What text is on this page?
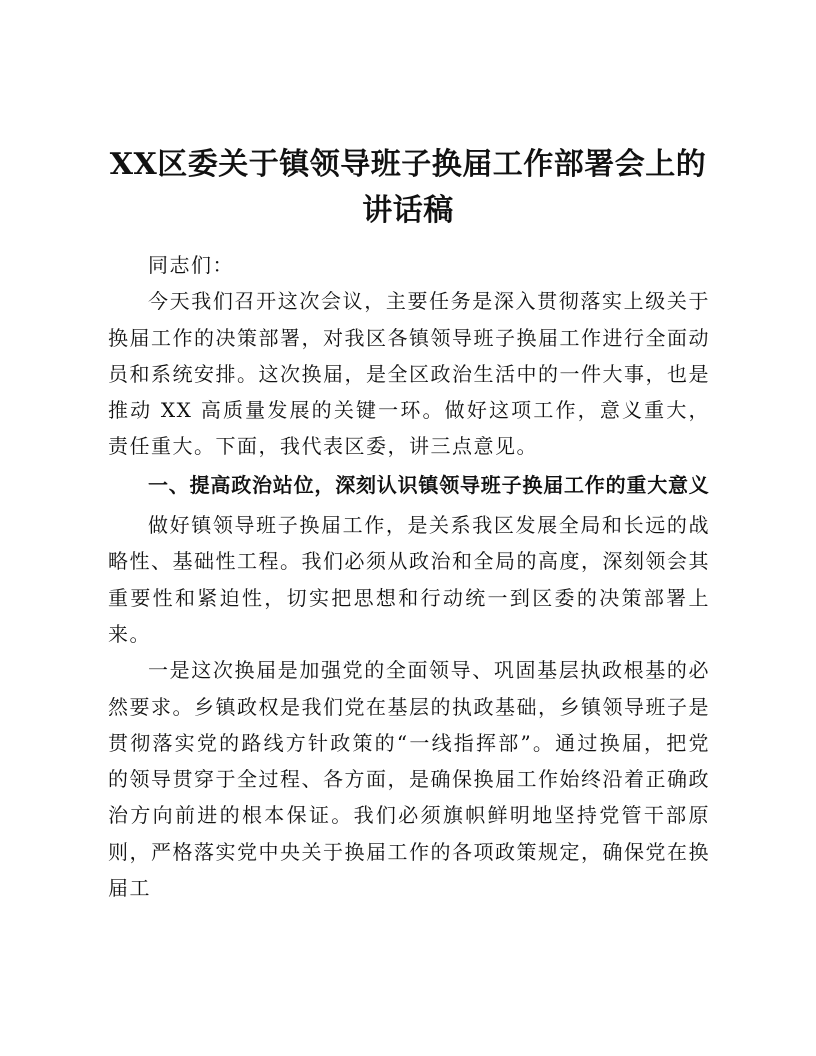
XX区委关于镇领导班子换届工作部署会上的讲话稿

同志们：

今天我们召开这次会议，主要任务是深入贯彻落实上级关于换届工作的决策部署，对我区各镇领导班子换届工作进行全面动员和系统安排。这次换届，是全区政治生活中的一件大事，也是推动 XX 高质量发展的关键一环。做好这项工作，意义重大，责任重大。下面，我代表区委，讲三点意见。

一、提高政治站位，深刻认识镇领导班子换届工作的重大意义

做好镇领导班子换届工作，是关系我区发展全局和长远的战略性、基础性工程。我们必须从政治和全局的高度，深刻领会其重要性和紧迫性，切实把思想和行动统一到区委的决策部署上来。

一是这次换届是加强党的全面领导、巩固基层执政根基的必然要求。乡镇政权是我们党在基层的执政基础，乡镇领导班子是贯彻落实党的路线方针政策的“一线指挥部”。通过换届，把党的领导贯穿于全过程、各方面，是确保换届工作始终沿着正确政治方向前进的根本保证。我们必须旗帜鲜明地坚持党管干部原则，严格落实党中央关于换届工作的各项政策规定，确保党在换届工
